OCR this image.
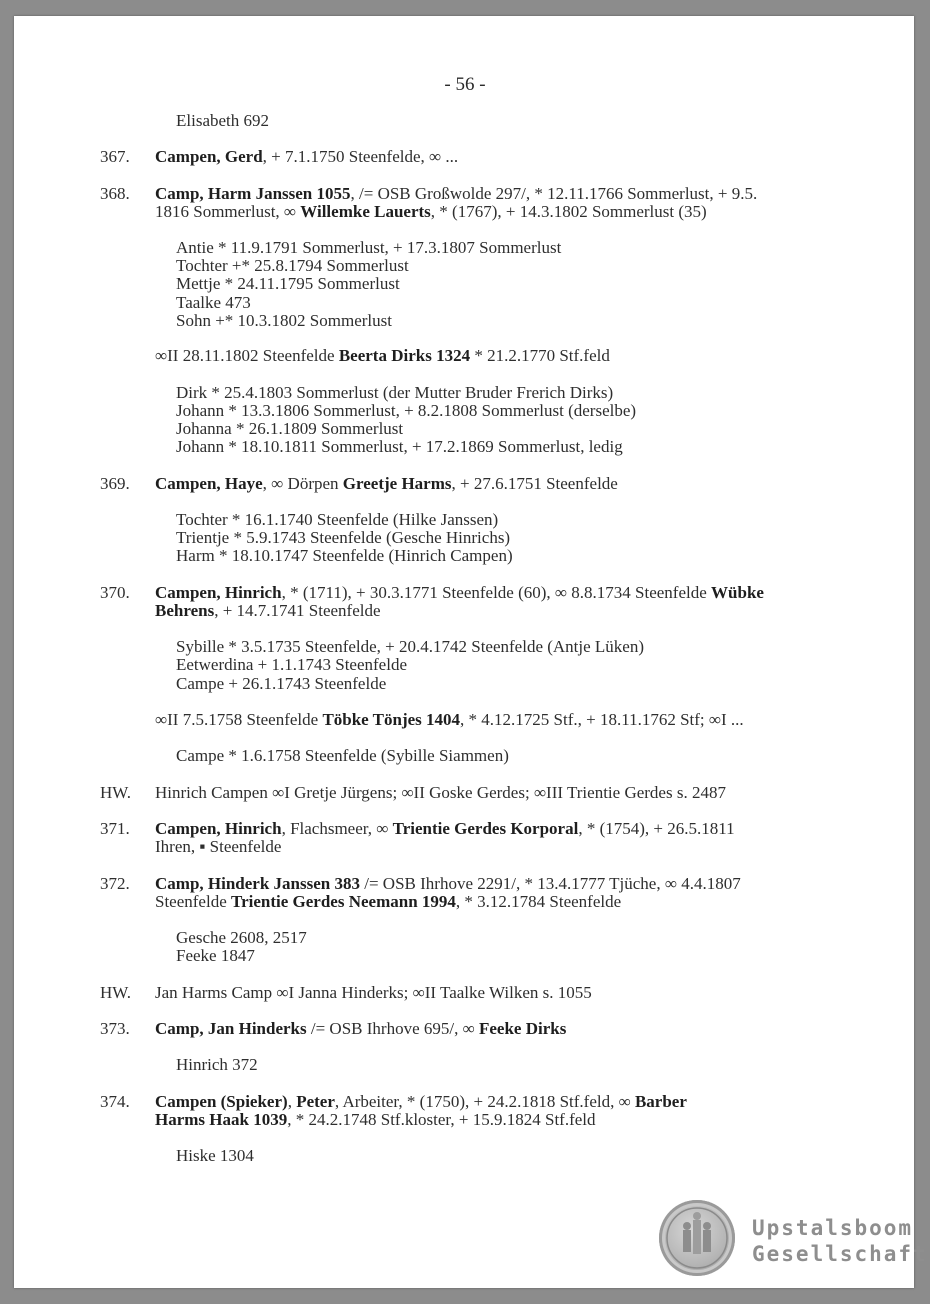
- 56 -
Elisabeth 692
367. Campen, Gerd, + 7.1.1750 Steenfelde, ∞ ...
368. Camp, Harm Janssen 1055, /= OSB Großwolde 297/, * 12.11.1766 Sommerlust, + 9.5.
1816 Sommerlust, ∞ Willemke Lauerts, * (1767), + 14.3.1802 Sommerlust (35)
Antie * 11.9.1791 Sommerlust, + 17.3.1807 Sommerlust
Tochter +* 25.8.1794 Sommerlust
Mettje * 24.11.1795 Sommerlust
Taalke 473
Sohn +* 10.3.1802 Sommerlust
∞II 28.11.1802 Steenfelde Beerta Dirks 1324 * 21.2.1770 Stf.feld
Dirk * 25.4.1803 Sommerlust (der Mutter Bruder Frerich Dirks)
Johann * 13.3.1806 Sommerlust, + 8.2.1808 Sommerlust (derselbe)
Johanna * 26.1.1809 Sommerlust
Johann * 18.10.1811 Sommerlust, + 17.2.1869 Sommerlust, ledig
369. Campen, Haye, ∞ Dörpen Greetje Harms, + 27.6.1751 Steenfelde
Tochter * 16.1.1740 Steenfelde (Hilke Janssen)
Trientje * 5.9.1743 Steenfelde (Gesche Hinrichs)
Harm * 18.10.1747 Steenfelde (Hinrich Campen)
370. Campen, Hinrich, * (1711), + 30.3.1771 Steenfelde (60), ∞ 8.8.1734 Steenfelde Wübke
Behrens, + 14.7.1741 Steenfelde
Sybille * 3.5.1735 Steenfelde, + 20.4.1742 Steenfelde (Antje Lüken)
Eetwerdina + 1.1.1743 Steenfelde
Campe + 26.1.1743 Steenfelde
∞II 7.5.1758 Steenfelde Töbke Tönjes 1404, * 4.12.1725 Stf., + 18.11.1762 Stf; ∞I ...
Campe * 1.6.1758 Steenfelde (Sybille Siammen)
HW. Hinrich Campen ∞I Gretje Jürgens; ∞II Goske Gerdes; ∞III Trientie Gerdes s. 2487
371. Campen, Hinrich, Flachsmeer, ∞ Trientie Gerdes Korporal, * (1754), + 26.5.1811
Ihren, ▪ Steenfelde
372. Camp, Hinderk Janssen 383 /= OSB Ihrhove 2291/, * 13.4.1777 Tjüche, ∞ 4.4.1807
Steenfelde Trientie Gerdes Neemann 1994, * 3.12.1784 Steenfelde
Gesche 2608, 2517
Feeke 1847
HW. Jan Harms Camp ∞I Janna Hinderks; ∞II Taalke Wilken s. 1055
373. Camp, Jan Hinderks /= OSB Ihrhove 695/, ∞ Feeke Dirks
Hinrich 372
374. Campen (Spieker), Peter, Arbeiter, * (1750), + 24.2.1818 Stf.feld, ∞ Barber
Harms Haak 1039, * 24.2.1748 Stf.kloster, + 15.9.1824 Stf.feld
Hiske 1304
Upstalsboom
Gesellschaft
